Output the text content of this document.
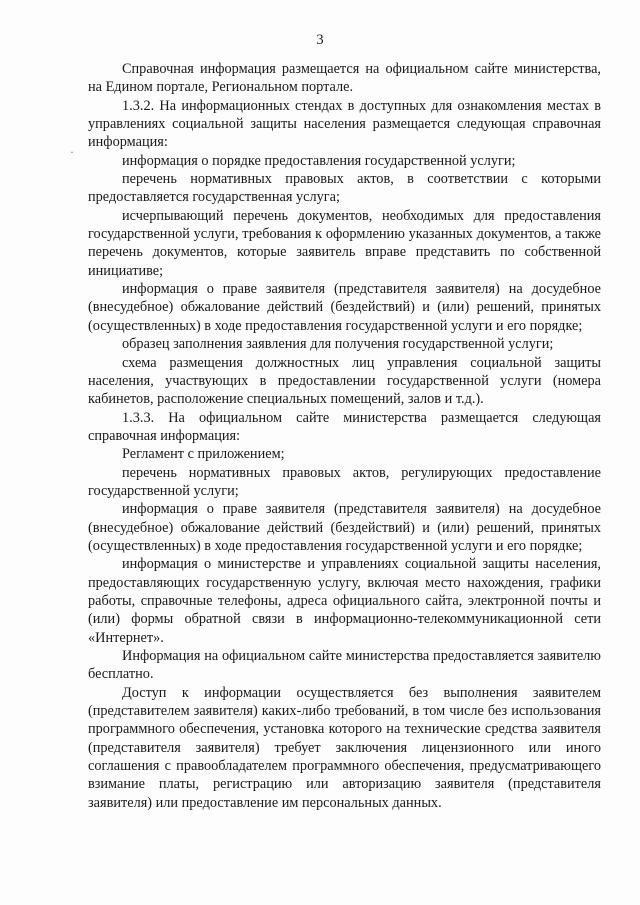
3
·

Справочная информация размещается на официальном сайте министерства, на Едином портале, Региональном портале.

1.3.2. На информационных стендах в доступных для ознакомления местах в управлениях социальной защиты населения размещается следующая справочная информация:

информация о порядке предоставления государственной услуги;

перечень нормативных правовых актов, в соответствии с которыми предоставляется государственная услуга;

исчерпывающий перечень документов, необходимых для предоставления государственной услуги, требования к оформлению указанных документов, а также перечень документов, которые заявитель вправе представить по собственной инициативе;

информация о праве заявителя (представителя заявителя) на досудебное (внесудебное) обжалование действий (бездействий) и (или) решений, принятых (осуществленных) в ходе предоставления государственной услуги и его порядке;

образец заполнения заявления для получения государственной услуги;

схема размещения должностных лиц управления социальной защиты населения, участвующих в предоставлении государственной услуги (номера кабинетов, расположение специальных помещений, залов и т.д.).

1.3.3. На официальном сайте министерства размещается следующая справочная информация:

Регламент с приложением;

перечень нормативных правовых актов, регулирующих предоставление государственной услуги;

информация о праве заявителя (представителя заявителя) на досудебное (внесудебное) обжалование действий (бездействий) и (или) решений, принятых (осуществленных) в ходе предоставления государственной услуги и его порядке;

информация о министерстве и управлениях социальной защиты населения, предоставляющих государственную услугу, включая место нахождения, графики работы, справочные телефоны, адреса официального сайта, электронной почты и (или) формы обратной связи в информационно-телекоммуникационной сети «Интернет».

Информация на официальном сайте министерства предоставляется заявителю бесплатно.

Доступ к информации осуществляется без выполнения заявителем (представителем заявителя) каких-либо требований, в том числе без использования программного обеспечения, установка которого на технические средства заявителя (представителя заявителя) требует заключения лицензионного или иного соглашения с правообладателем программного обеспечения, предусматривающего взимание платы, регистрацию или авторизацию заявителя (представителя заявителя) или предоставление им персональных данных.
